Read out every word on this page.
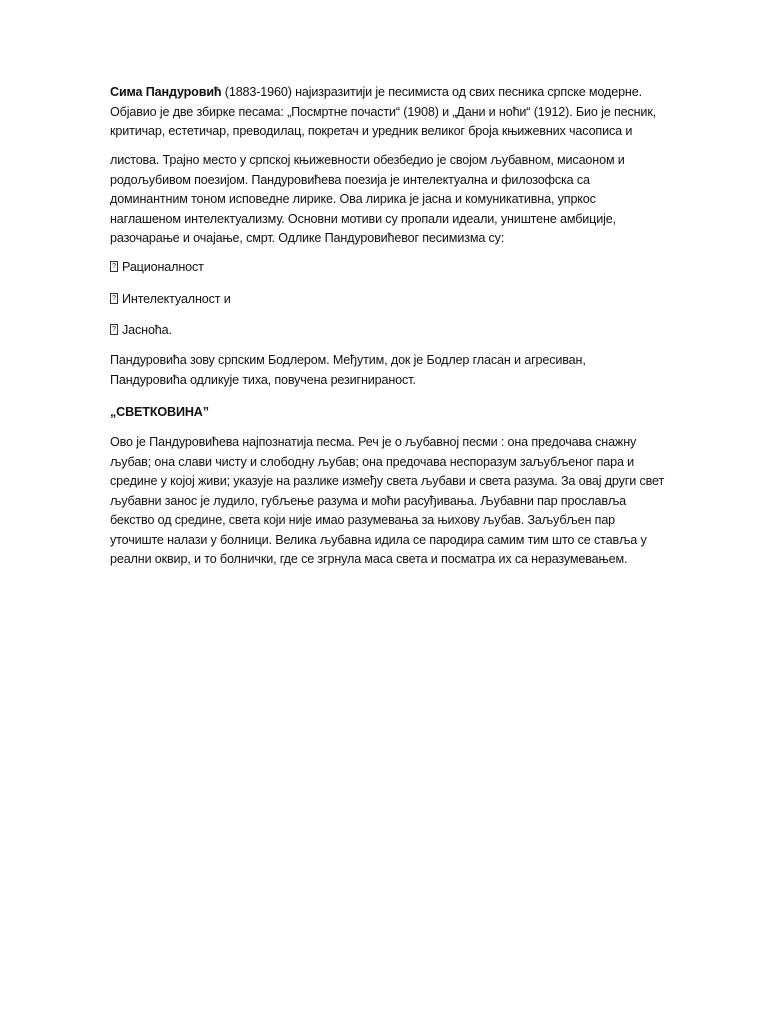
Сима Пандуровић (1883-1960) најизразитији је песимиста од свих песника српске модерне.
Објавио је две збирке песама: „Посмртне почасти“ (1908) и „Дани и ноћи“ (1912). Био је песник,
критичар, естетичар, преводилац, покретач и уредник великог броја књижевних часописа и

листова. Трајно место у српској књижевности обезбедио је својом љубавном, мисаоном и
родољубивом поезијом. Пандуровићева поезија је интелектуална и филозофска са
доминантним тоном исповедне лирике. Ова лирика је јасна и комуникативна, упркос
наглашеном интелектуализму. Основни мотиви су пропали идеали, уништене амбиције,
разочарање и очајање, смрт. Одлике Пандуровићевог песимизма су:

? Рационалност

? Интелектуалност и

? Јасноћа.

Пандуровића зову српским Бодлером. Међутим, док је Бодлер гласан и агресиван,
Пандуровића одликује тиха, повучена резигнираност.

„СВЕТКОВИНА”

Ово је Пандуровићева најпознатија песма. Реч је о љубавној песми : она предочава снажну
љубав; она слави чисту и слободну љубав; она предочава неспоразум заљубљеног пара и
средине у којој живи; указује на разлике између света љубави и света разума. За овај други свет
љубавни занос је лудило, губљење разума и моћи расуђивања. Љубавни пар прославља
бекство од средине, света који није имао разумевања за њихову љубав. Заљубљен пар
уточиште налази у болници. Велика љубавна идила се пародира самим тим што се ставља у
реални оквир, и то болнички, где се згрнула маса света и посматра их са неразумевањем.
